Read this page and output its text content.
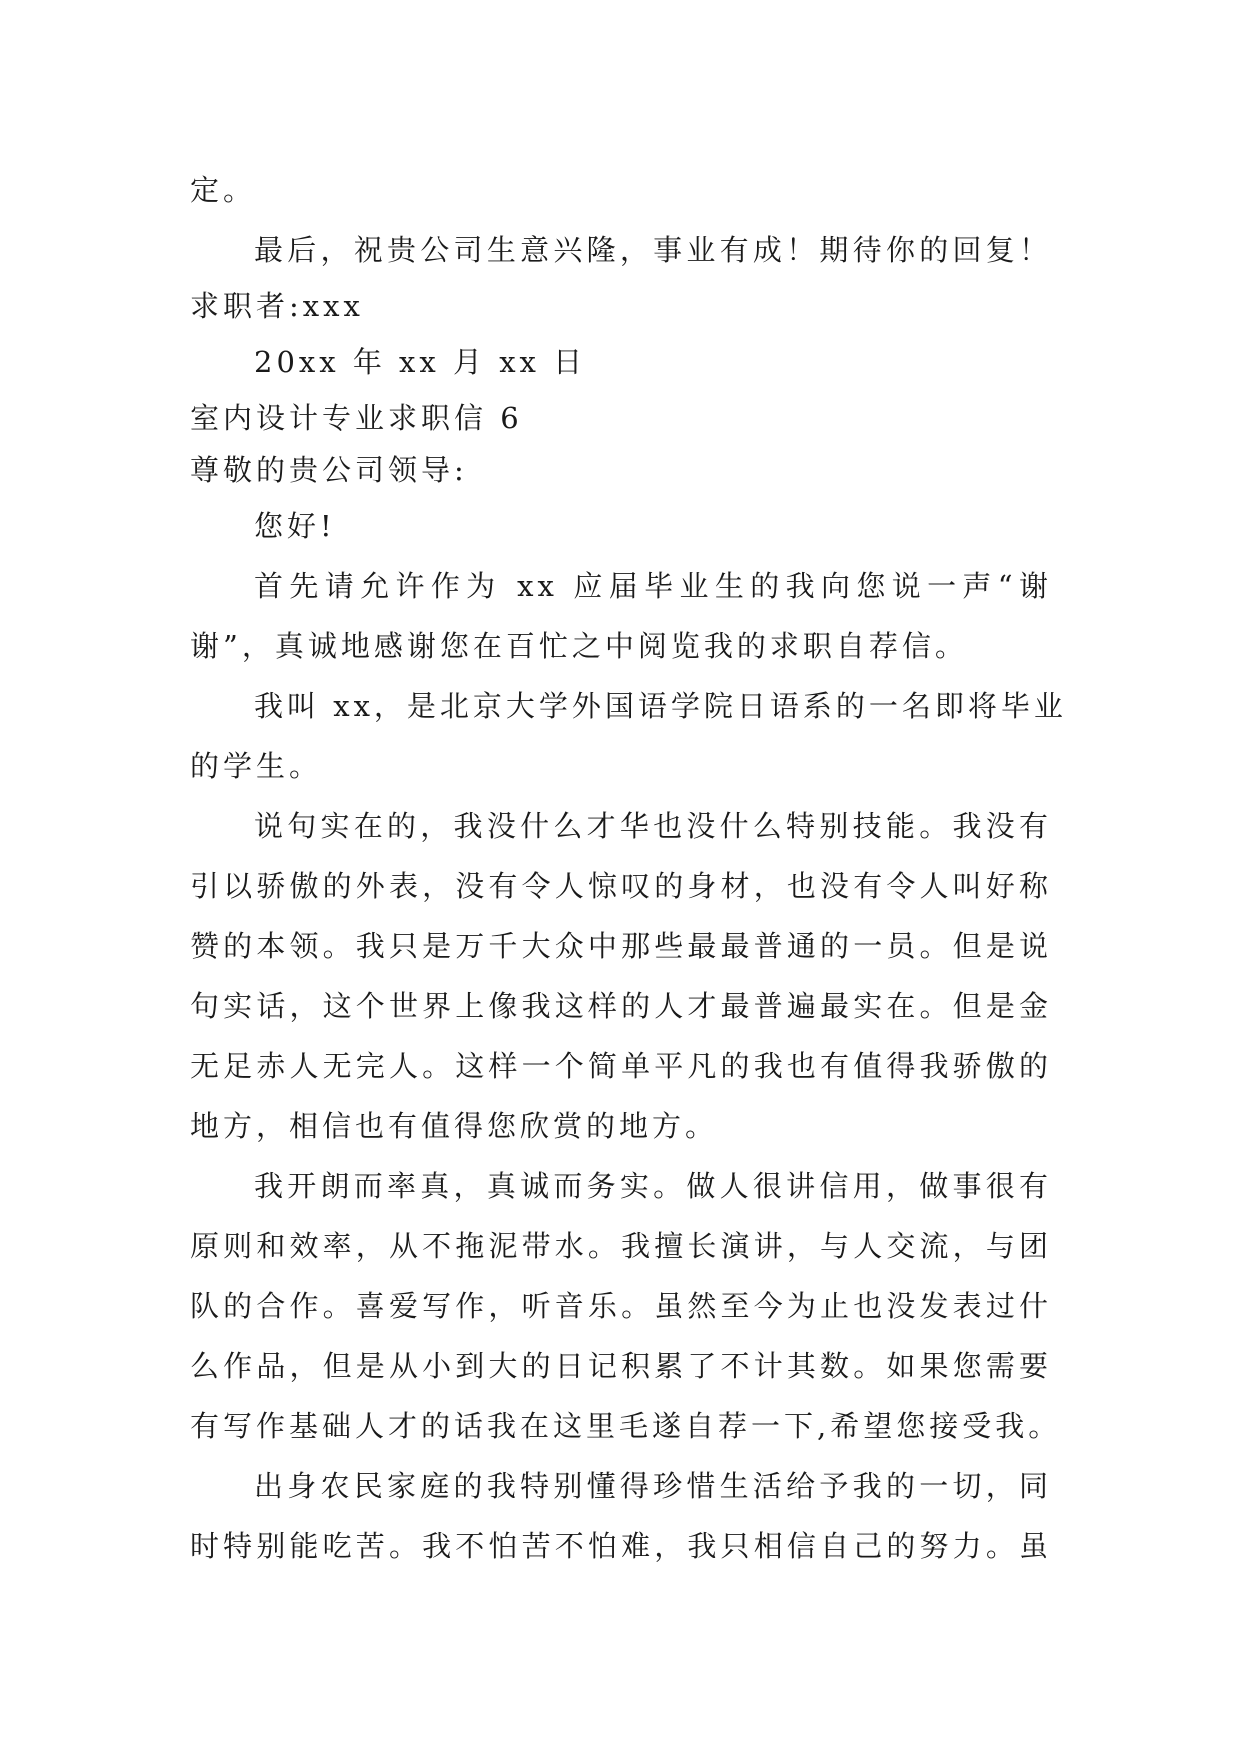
定。
最后，祝贵公司生意兴隆，事业有成！期待你的回复！
求职者:xxx
20xx 年 xx 月 xx 日
室内设计专业求职信 6
尊敬的贵公司领导:
您好!
首先请允许作为 xx 应届毕业生的我向您说一声“谢
谢”，真诚地感谢您在百忙之中阅览我的求职自荐信。
我叫 xx，是北京大学外国语学院日语系的一名即将毕业
的学生。
说句实在的，我没什么才华也没什么特别技能。我没有
引以骄傲的外表，没有令人惊叹的身材，也没有令人叫好称
赞的本领。我只是万千大众中那些最最普通的一员。但是说
句实话，这个世界上像我这样的人才最普遍最实在。但是金
无足赤人无完人。这样一个简单平凡的我也有值得我骄傲的
地方，相信也有值得您欣赏的地方。
我开朗而率真，真诚而务实。做人很讲信用，做事很有
原则和效率，从不拖泥带水。我擅长演讲，与人交流，与团
队的合作。喜爱写作，听音乐。虽然至今为止也没发表过什
么作品，但是从小到大的日记积累了不计其数。如果您需要
有写作基础人才的话我在这里毛遂自荐一下,希望您接受我。
出身农民家庭的我特别懂得珍惜生活给予我的一切，同
时特别能吃苦。我不怕苦不怕难，我只相信自己的努力。虽
